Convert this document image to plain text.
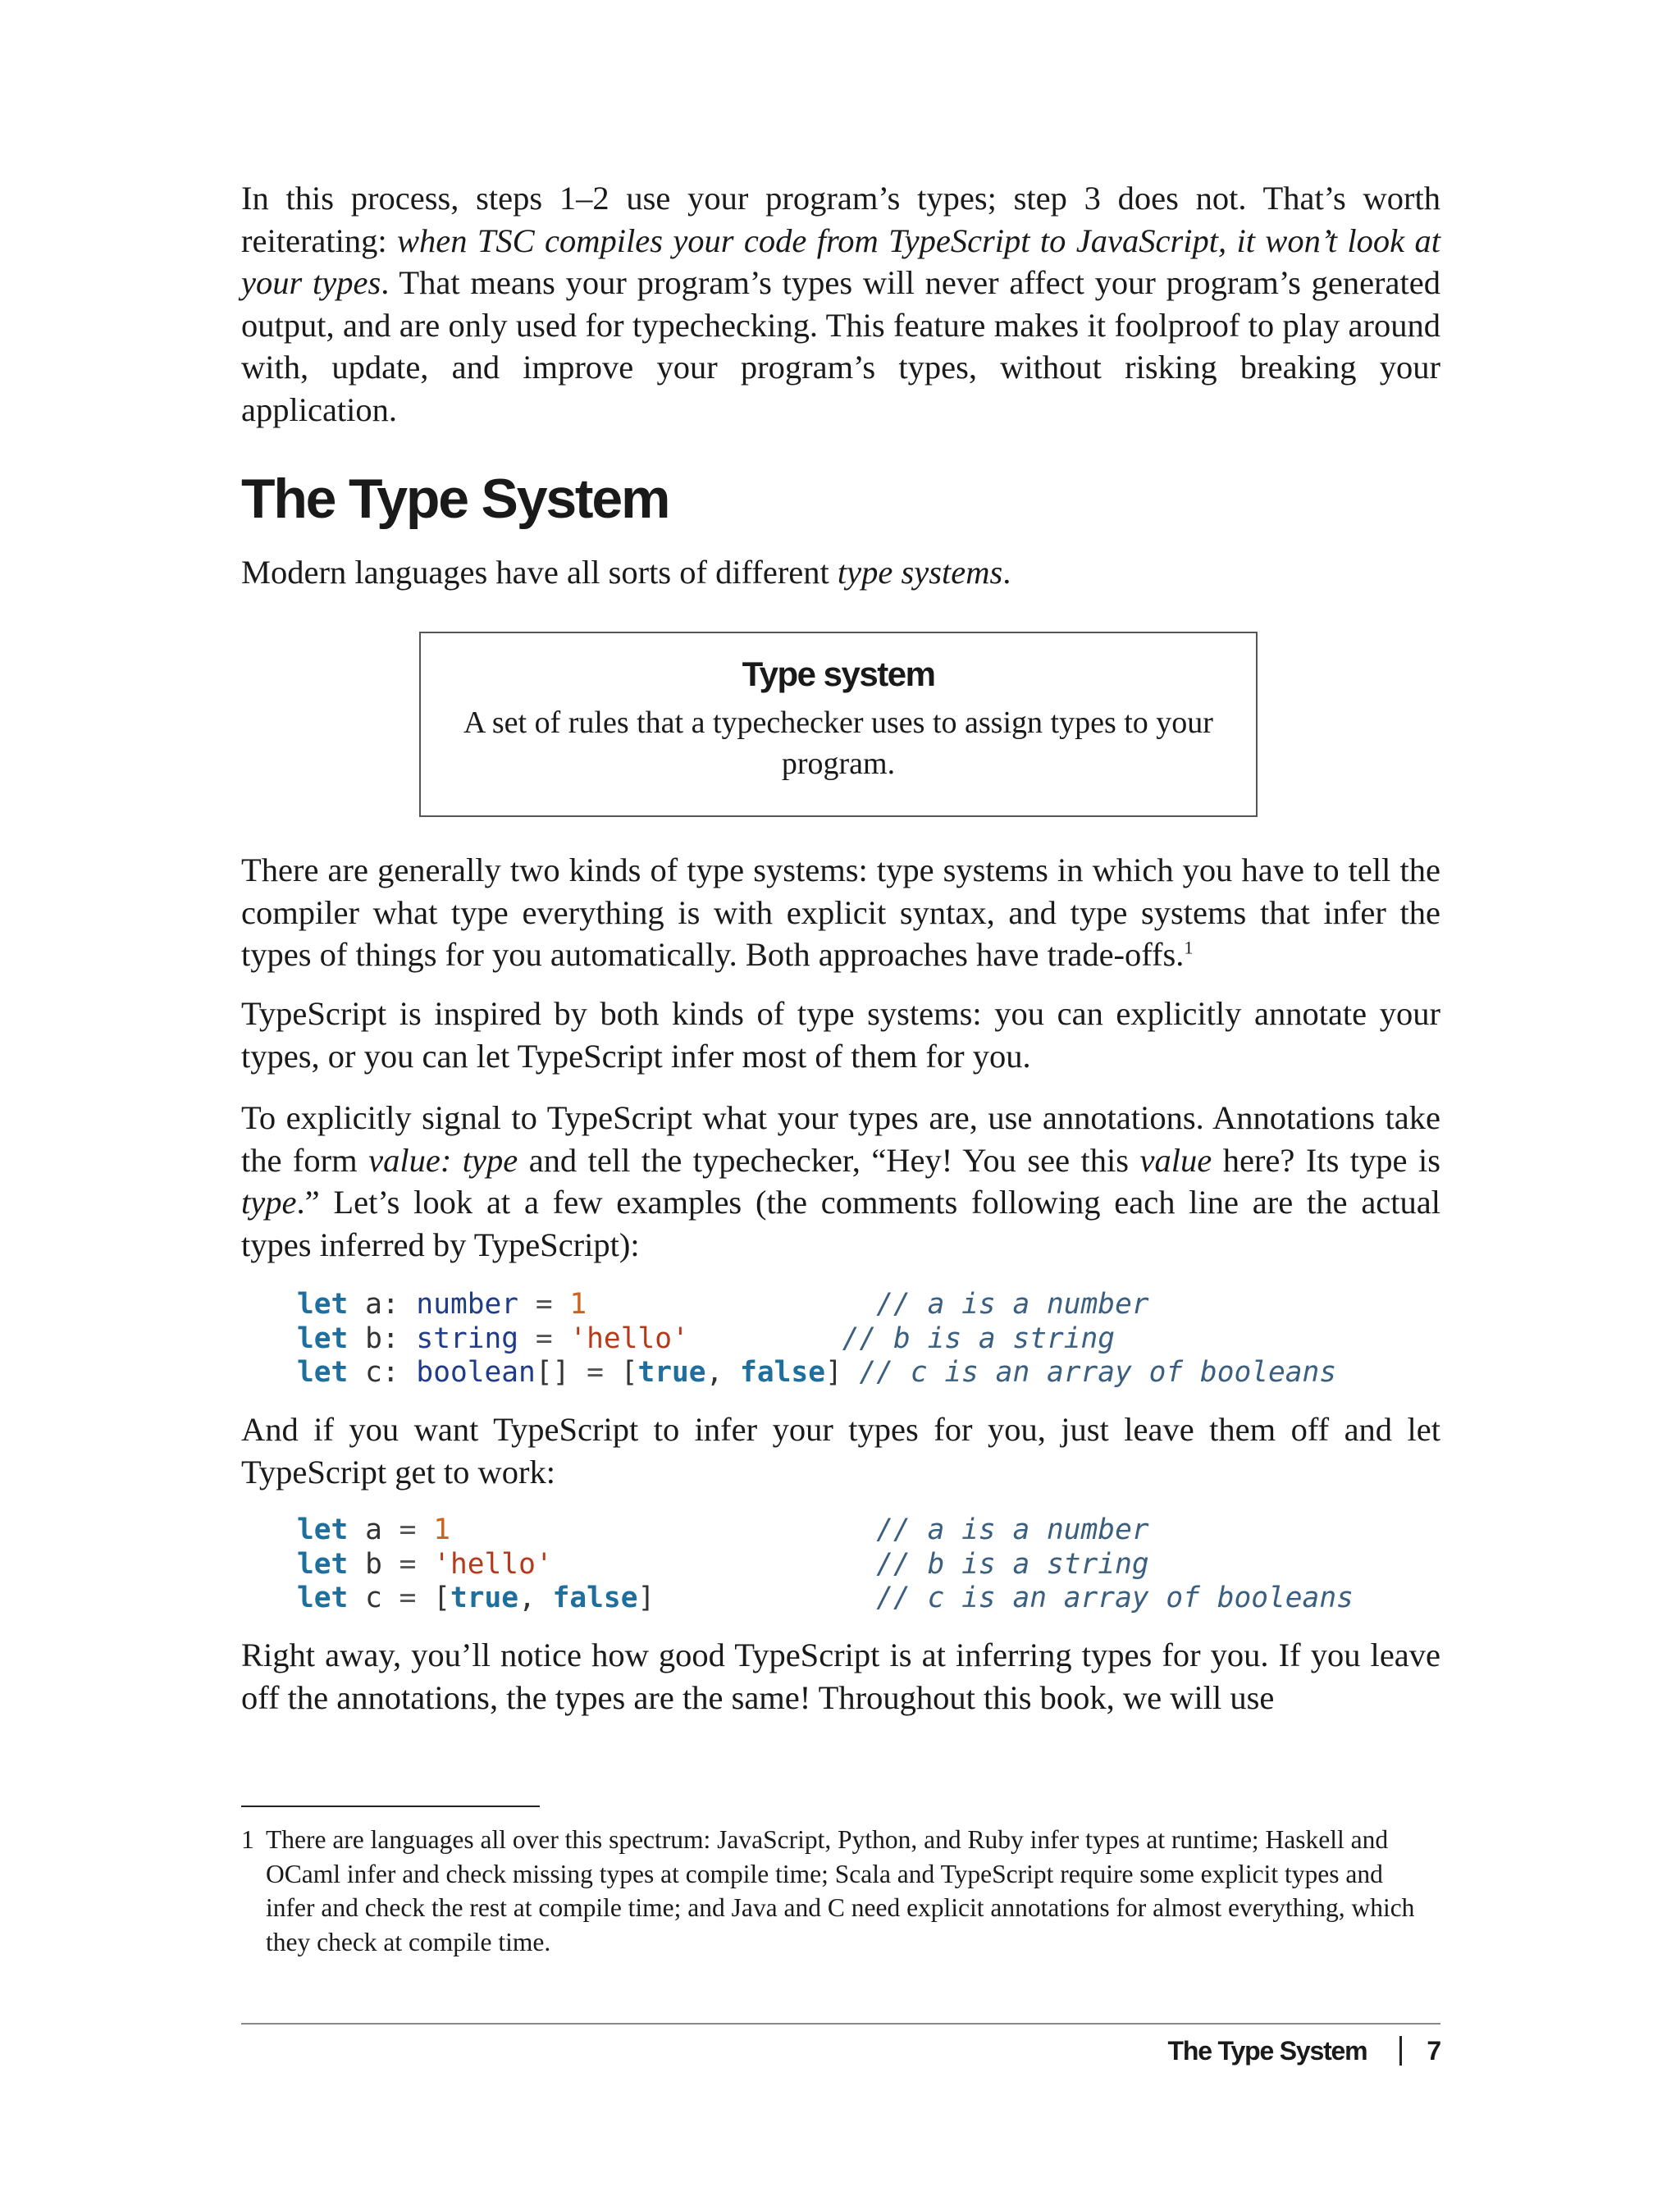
In this process, steps 1–2 use your program’s types; step 3 does not. That’s worth reiterating: when TSC compiles your code from TypeScript to JavaScript, it won’t look at your types. That means your program’s types will never affect your program’s generated output, and are only used for typechecking. This feature makes it foolproof to play around with, update, and improve your program’s types, without risking breaking your application.

The Type System

Modern languages have all sorts of different type systems.

Type system
A set of rules that a typechecker uses to assign types to your program.

There are generally two kinds of type systems: type systems in which you have to tell the compiler what type everything is with explicit syntax, and type systems that infer the types of things for you automatically. Both approaches have trade-offs.$^1$

TypeScript is inspired by both kinds of type systems: you can explicitly annotate your types, or you can let TypeScript infer most of them for you.

To explicitly signal to TypeScript what your types are, use annotations. Annotations take the form value: type and tell the typechecker, “Hey! You see this value here? Its type is type.” Let’s look at a few examples (the comments following each line are the actual types inferred by TypeScript):

let a: number = 1	// a is a number
let b: string = 'hello'	// b is a string
let c: boolean[] = [true, false] // c is an array of booleans

And if you want TypeScript to infer your types for you, just leave them off and let TypeScript get to work:

let a = 1	// a is a number
let b = 'hello'	// b is a string
let c = [true, false]             // c is an array of booleans

Right away, you’ll notice how good TypeScript is at inferring types for you. If you leave off the annotations, the types are the same! Throughout this book, we will use

1 There are languages all over this spectrum: JavaScript, Python, and Ruby infer types at runtime; Haskell and OCaml infer and check missing types at compile time; Scala and TypeScript require some explicit types and infer and check the rest at compile time; and Java and C need explicit annotations for almost everything, which they check at compile time.
The Type System 7
